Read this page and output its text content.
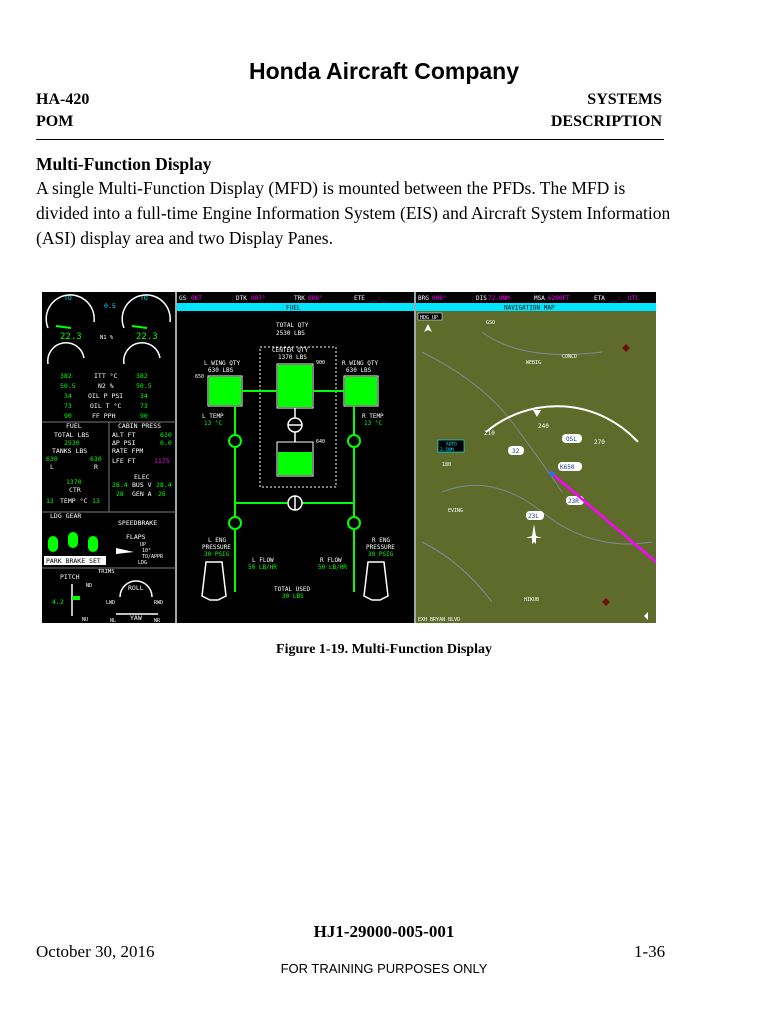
Honda Aircraft Company
HA-420
POM
SYSTEMS
DESCRIPTION
Multi-Function Display
A single Multi-Function Display (MFD) is mounted between the PFDs. The MFD is divided into a full-time Engine Information System (EIS) and Aircraft System Information (ASI) display area and two Display Panes.
TO	TO
0.5
22.3	N1 %	22.3
382	ITT °C	382
50.5	N2 %	50.5
34 OIL P PSI	34
73	OIL T °C	73
90	FF PPH	90
FUEL
TOTAL LBS
2530
TANKS LBS
630	630
L	R
1370
CTR
13 TEMP °C 13
CABIN PRESS
ALT FT	620
ΔP PSI	0.0
RATE FPM
LFE FT	1175
ELEC
28.4 BUS V 28.4
28 GEN A 26
LDG GEAR
SPEEDBRAKE
FLAPS
UP
10°
TO/APPR
LDG
PARK BRAKE SET
TRIMS
PITCH
ND
4.2
NU
ROLL
LWD	RWD
YAW
NL	NR
GS 0KT	DTK 007°	TRK 008°	ETE __:__
FUEL
TOTAL QTY
2530 LBS
CENTER QTY
1370 LBS
L WING QTY
630 LBS
R WING QTY
630 LBS
650
900
640
L TEMP
13 °C
R TEMP
13 °C
L ENG
PRESSURE
30 PSIG
R ENG
PRESSURE
30 PSIG
L FLOW
50 LB/HR
R FLOW
50 LB/HR
TOTAL USED
30 LBS
BRG 006°	DIS 72.9NM	MSA 6200FT	ETA __:__UTC
NAVIGATION MAP
HDG UP
GSO
CONCD
WEBIG
210
240
270
AUTO
2.5NM
180
OSL
32
K650
23R
23L
EVING
HIKUB
EXH BRYAN BLVD
Figure 1-19. Multi-Function Display
HJ1-29000-005-001
October 30, 2016	1-36
FOR TRAINING PURPOSES ONLY
